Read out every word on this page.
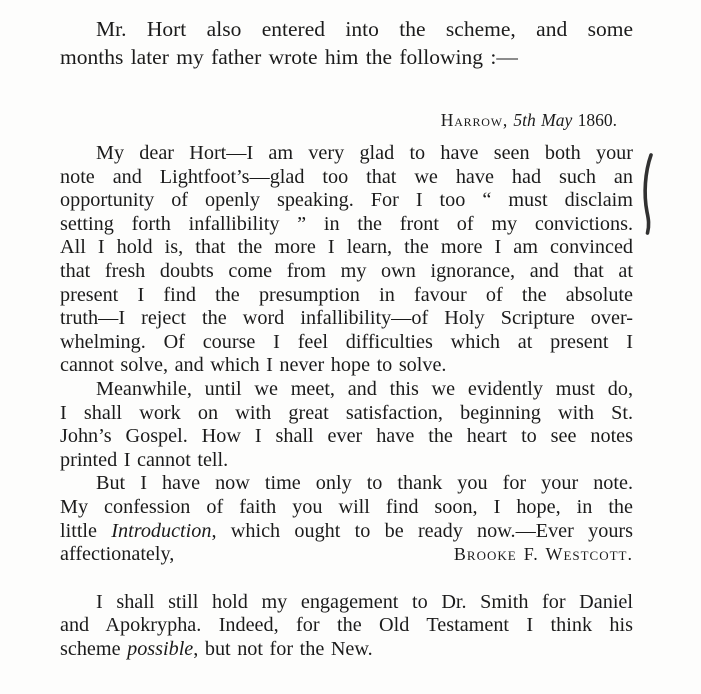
Mr. Hort also entered into the scheme, and some
months later my father wrote him the following :—
Harrow, 5th May 1860.
My dear Hort—I am very glad to have seen both your
note and Lightfoot’s—glad too that we have had such an
opportunity of openly speaking. For I too “ must disclaim
setting forth infallibility ” in the front of my convictions.
All I hold is, that the more I learn, the more I am convinced
that fresh doubts come from my own ignorance, and that at
present I find the presumption in favour of the absolute
truth—I reject the word infallibility—of Holy Scripture over-
whelming. Of course I feel difficulties which at present I
cannot solve, and which I never hope to solve.
Meanwhile, until we meet, and this we evidently must do,
I shall work on with great satisfaction, beginning with St.
John’s Gospel. How I shall ever have the heart to see notes
printed I cannot tell.
But I have now time only to thank you for your note.
My confession of faith you will find soon, I hope, in the
little Introduction, which ought to be ready now.—Ever yours
affectionately,	Brooke F. Westcott.
I shall still hold my engagement to Dr. Smith for Daniel
and Apokrypha. Indeed, for the Old Testament I think his
scheme possible, but not for the New.
